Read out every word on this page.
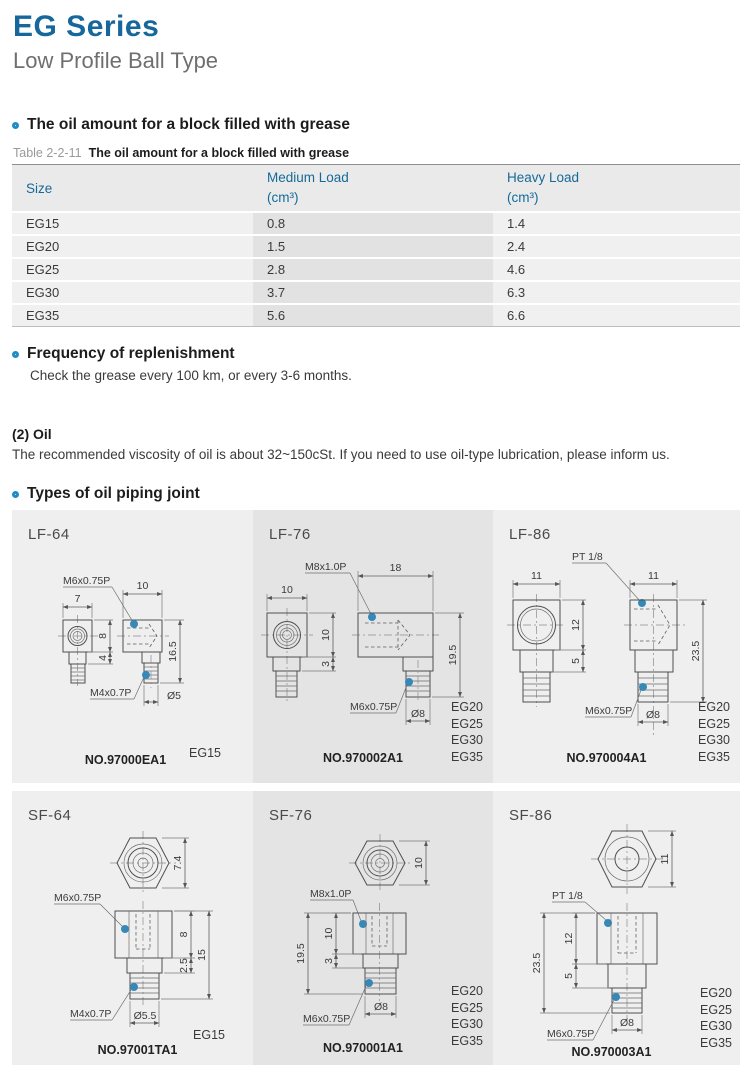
EG Series
Low Profile Ball Type
The oil amount for a block filled with grease
Table 2-2-11 The oil amount for a block filled with grease
Size
Medium Load
(cm³)
Heavy Load
(cm³)
EG15	0.8	1.4
EG20	1.5	2.4
EG25	2.8	4.6
EG30	3.7	6.3
EG35	5.6	6.6
Frequency of replenishment
Check the grease every 100 km, or every 3-6 months.
(2) Oil
The recommended viscosity of oil is about 32~150cSt. If you need to use oil-type lubrication, please inform us.
Types of oil piping joint
LF-64
7
10
M6x0.75P
8
4	16.5
M4x0.7P	Ø5
EG15
NO.97000EA1
LF-76
10
M8x1.0P	18
10
3	19.5
M6x0.75P
Ø8 EG20
EG25
EG30
EG35
NO.970002A1
LF-86
11
PT 1/8
11
12
5	23.5
M6x0.75P Ø8
EG20
EG25
EG30
EG35
NO.970004A1
SF-64
7.4
M6x0.75P
8
2.5
15
M4x0.7P Ø5.5
EG15
NO.97001TA1
SF-76
10
M8x1.0P
10
3
19.5
M6x0.75P
Ø8
EG20
EG25
EG30
EG35
NO.970001A1
SF-86
11
PT 1/8
12
5
23.5
M6x0.75P
Ø8
EG20
EG25
EG30
EG35
NO.970003A1
